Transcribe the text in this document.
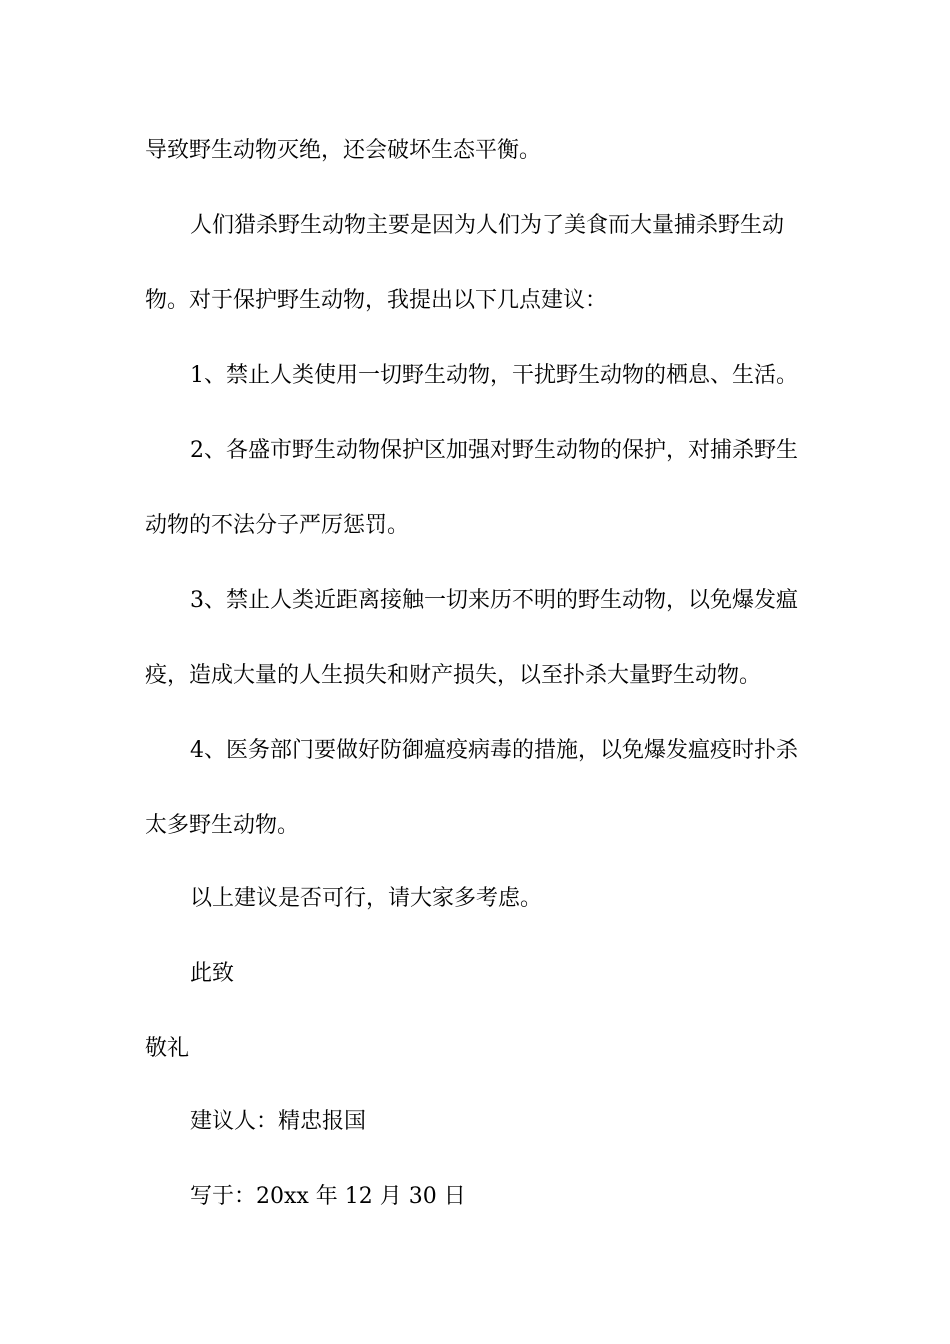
导致野生动物灭绝，还会破坏生态平衡。
人们猎杀野生动物主要是因为人们为了美食而大量捕杀野生动
物。对于保护野生动物，我提出以下几点建议：
1、禁止人类使用一切野生动物，干扰野生动物的栖息、生活。
2、各盛市野生动物保护区加强对野生动物的保护，对捕杀野生
动物的不法分子严厉惩罚。
3、禁止人类近距离接触一切来历不明的野生动物，以免爆发瘟
疫，造成大量的人生损失和财产损失，以至扑杀大量野生动物。
4、医务部门要做好防御瘟疫病毒的措施，以免爆发瘟疫时扑杀
太多野生动物。
以上建议是否可行，请大家多考虑。
此致
敬礼
建议人：精忠报国
写于：20xx 年 12 月 30 日
